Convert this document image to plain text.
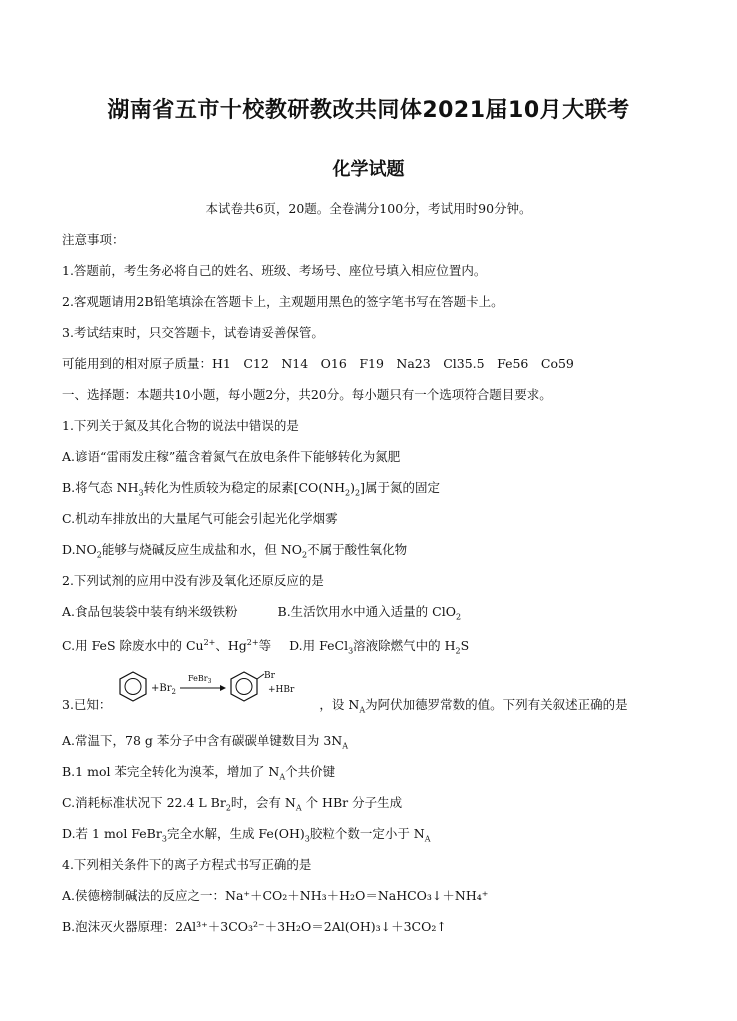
湖南省五市十校教研教改共同体2021届10月大联考
化学试题
本试卷共6页，20题。全卷满分100分，考试用时90分钟。
注意事项：
1.答题前，考生务必将自己的姓名、班级、考场号、座位号填入相应位置内。
2.客观题请用2B铅笔填涂在答题卡上，主观题用黑色的签字笔书写在答题卡上。
3.考试结束时，只交答题卡，试卷请妥善保管。
可能用到的相对原子质量：H1　C12　N14　O16　F19　Na23　Cl35.5　Fe56　Co59
一、选择题：本题共10小题，每小题2分，共20分。每小题只有一个选项符合题目要求。
1.下列关于氮及其化合物的说法中错误的是
A.谚语“雷雨发庄稼”蕴含着氮气在放电条件下能够转化为氮肥
B.将气态 $NH_3$转化为性质较为稳定的尿素$[CO(NH_2)_2]$属于氮的固定
C.机动车排放出的大量尾气可能会引起光化学烟雾
$D.NO_2$能够与烧碱反应生成盐和水，但 $NO_2$不属于酸性氧化物
2.下列试剂的应用中没有涉及氧化还原反应的是
A.食品包装袋中装有纳米级铁粉	B.生活饮用水中通入适量的 ClO$_2$
C.用 FeS 除废水中的 $Cu^{2+}$、$Hg^{2+}$等 D.用 FeCl$_3$溶液除燃气中的 $H_2S$
3.已知：	，设 $N_A$为阿伏加德罗常数的值。下列有关叙述正确的是
$+Br_2$
FeBr$_3$
Br
+HBr
A.常温下，78 g 苯分子中含有碳碳单键数目为 $3N_A$
B.1 mol 苯完全转化为溴苯，增加了 $N_A$个共价键
C.消耗标准状况下 22.4 L $Br_2$时，会有 $N_A$ 个 HBr 分子生成
D.若 1 mol FeBr$_3$完全水解，生成 $Fe(OH)_3$胶粒个数一定小于 $N_A$
4.下列相关条件下的离子方程式书写正确的是
A.侯德榜制碱法的反应之一：Na⁺＋CO₂＋NH₃＋H₂O＝NaHCO₃↓＋NH₄⁺
B.泡沫灭火器原理：2Al³⁺＋3CO₃²⁻＋3H₂O＝2Al(OH)₃↓＋3CO₂↑
